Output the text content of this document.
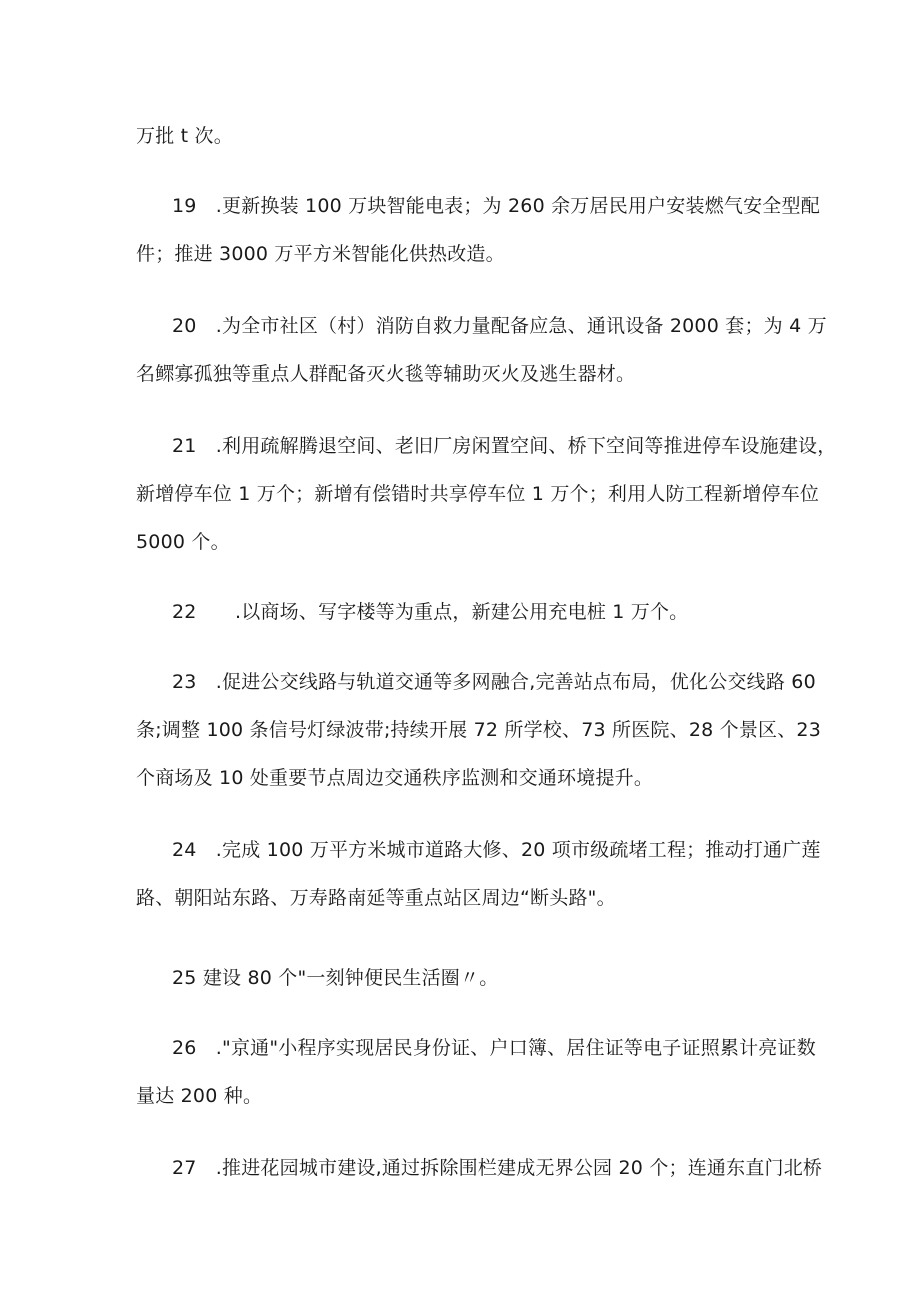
万批 t 次。
19　.更新换装 100 万块智能电表；为 260 余万居民用户安装燃气安全型配
件；推进 3000 万平方米智能化供热改造。
20　.为全市社区（村）消防自救力量配备应急、通讯设备 2000 套；为 4 万
名鳏寡孤独等重点人群配备灭火毯等辅助灭火及逃生器材。
21　.利用疏解腾退空间、老旧厂房闲置空间、桥下空间等推进停车设施建设，
新增停车位 1 万个；新增有偿错时共享停车位 1 万个；利用人防工程新增停车位
5000 个。
22　　.以商场、写字楼等为重点，新建公用充电桩 1 万个。
23　.促进公交线路与轨道交通等多网融合,完善站点布局，优化公交线路 60
条;调整 100 条信号灯绿波带;持续开展 72 所学校、73 所医院、28 个景区、23
个商场及 10 处重要节点周边交通秩序监测和交通环境提升。
24　.完成 100 万平方米城市道路大修、20 项市级疏堵工程；推动打通广莲
路、朝阳站东路、万寿路南延等重点站区周边“断头路"。
25 建设 80 个"一刻钟便民生活圈〃。
26　."京通"小程序实现居民身份证、户口簿、居住证等电子证照累计亮证数
量达 200 种。
27　.推进花园城市建设,通过拆除围栏建成无界公园 20 个；连通东直门北桥
